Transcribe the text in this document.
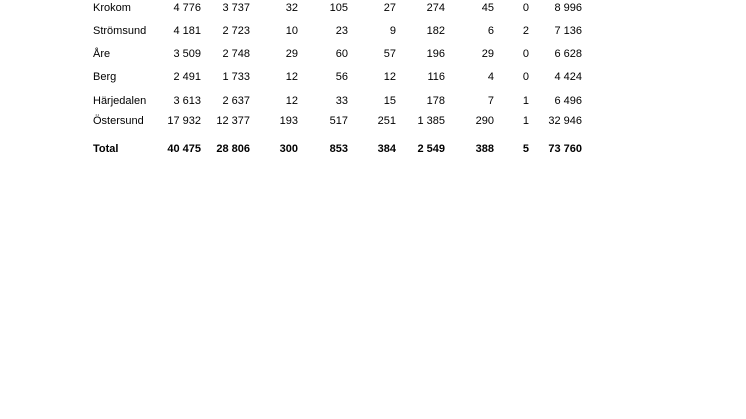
Krokom	4 776	3 737	32	105	27	274	45	0	8 996
Strömsund	4 181	2 723	10	23	9	182	6	2	7 136
Åre	3 509	2 748	29	60	57	196	29	0	6 628
Berg	2 491	1 733	12	56	12	116	4	0	4 424
Härjedalen	3 613	2 637	12	33	15	178	7	1	6 496
Östersund	17 932	12 377	193	517	251	1 385	290	1	32 946
Total	40 475	28 806	300	853	384	2 549	388	5	73 760
